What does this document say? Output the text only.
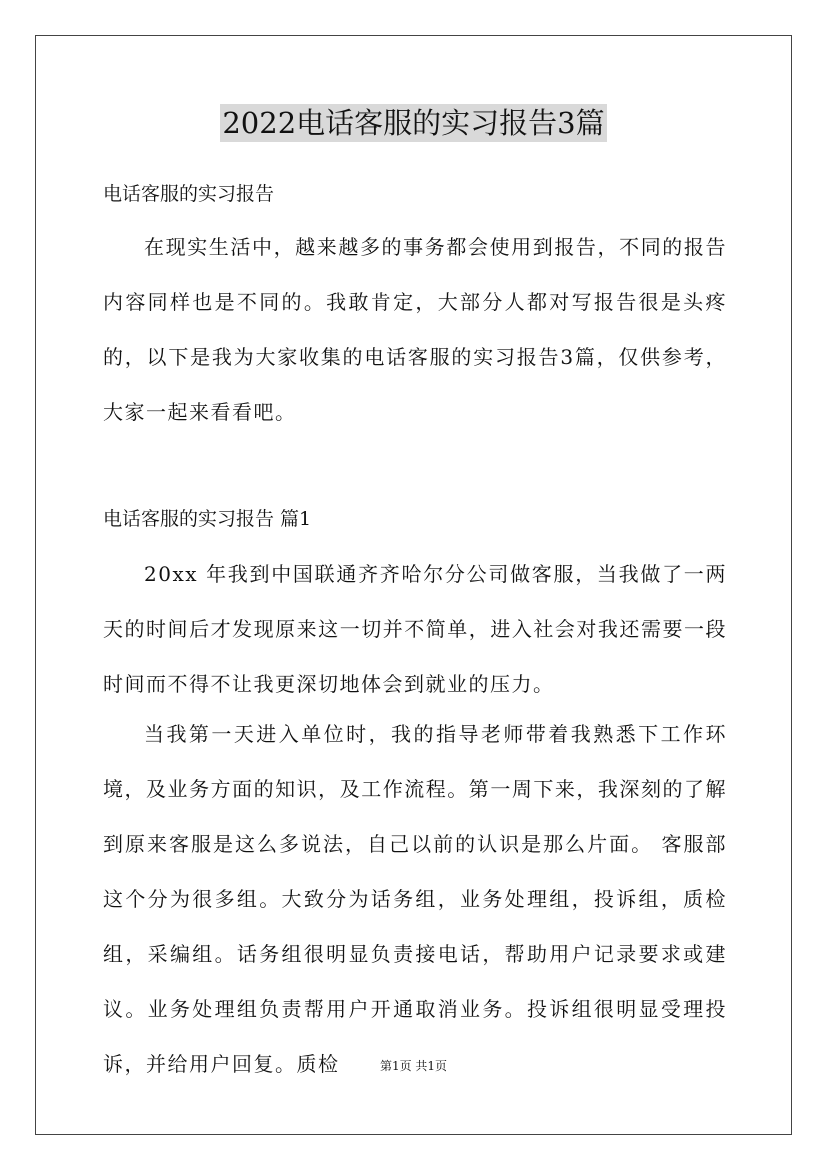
2022电话客服的实习报告3篇
电话客服的实习报告

在现实生活中，越来越多的事务都会使用到报告，不同的报告内容同样也是不同的。我敢肯定，大部分人都对写报告很是头疼的，以下是我为大家收集的电话客服的实习报告3篇，仅供参考，大家一起来看看吧。

电话客服的实习报告 篇1

20xx 年我到中国联通齐齐哈尔分公司做客服，当我做了一两天的时间后才发现原来这一切并不简单，进入社会对我还需要一段时间而不得不让我更深切地体会到就业的压力。

当我第一天进入单位时，我的指导老师带着我熟悉下工作环境，及业务方面的知识，及工作流程。第一周下来，我深刻的了解到原来客服是这么多说法，自己以前的认识是那么片面。 客服部这个分为很多组。大致分为话务组，业务处理组，投诉组，质检组，采编组。话务组很明显负责接电话，帮助用户记录要求或建议。业务处理组负责帮用户开通取消业务。投诉组很明显受理投诉，并给用户回复。质检	第1页 共1页
